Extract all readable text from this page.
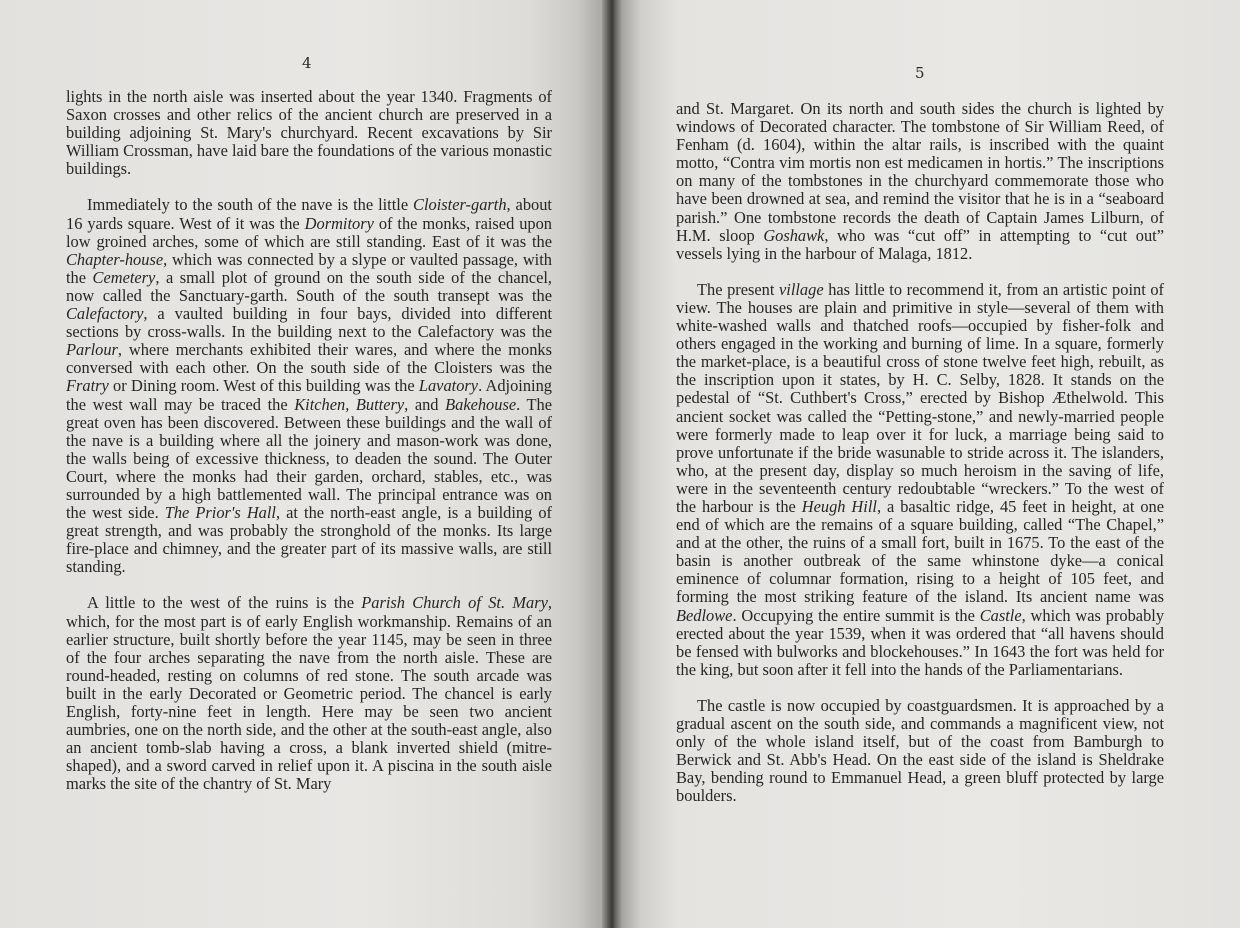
4

lights in the north aisle was inserted about the year 1340. Fragments of Saxon crosses and other relics of the ancient church are preserved in a building adjoining St. Mary's churchyard. Recent excavations by Sir William Crossman, have laid bare the foundations of the various monastic buildings.

Immediately to the south of the nave is the little Cloister-garth, about 16 yards square. West of it was the Dormitory of the monks, raised upon low groined arches, some of which are still standing. East of it was the Chapter-house, which was connected by a slype or vaulted passage, with the Cemetery, a small plot of ground on the south side of the chancel, now called the Sanctuary-garth. South of the south transept was the Calefactory, a vaulted building in four bays, divided into different sections by cross-walls. In the building next to the Calefactory was the Parlour, where merchants exhibited their wares, and where the monks conversed with each other. On the south side of the Cloisters was the Fratry or Dining room. West of this building was the Lavatory. Adjoining the west wall may be traced the Kitchen, Buttery, and Bakehouse. The great oven has been discovered. Between these buildings and the wall of the nave is a building where all the joinery and mason-work was done, the walls being of excessive thickness, to deaden the sound. The Outer Court, where the monks had their garden, orchard, stables, etc., was surrounded by a high battlemented wall. The principal entrance was on the west side. The Prior's Hall, at the north-east angle, is a building of great strength, and was probably the stronghold of the monks. Its large fire-place and chimney, and the greater part of its massive walls, are still standing.

A little to the west of the ruins is the Parish Church of St. Mary, which, for the most part is of early English workmanship. Remains of an earlier structure, built shortly before the year 1145, may be seen in three of the four arches separating the nave from the north aisle. These are round-headed, resting on columns of red stone. The south arcade was built in the early Decorated or Geometric period. The chancel is early English, forty-nine feet in length. Here may be seen two ancient aumbries, one on the north side, and the other at the south-east angle, also an ancient tomb-slab having a cross, a blank inverted shield (mitre-shaped), and a sword carved in relief upon it. A piscina in the south aisle marks the site of the chantry of St. Mary

5

and St. Margaret. On its north and south sides the church is lighted by windows of Decorated character. The tombstone of Sir William Reed, of Fenham (d. 1604), within the altar rails, is inscribed with the quaint motto, “Contra vim mortis non est medicamen in hortis.” The inscriptions on many of the tombstones in the churchyard commemorate those who have been drowned at sea, and remind the visitor that he is in a “seaboard parish.” One tombstone records the death of Captain James Lilburn, of H.M. sloop Goshawk, who was “cut off” in attempting to “cut out” vessels lying in the harbour of Malaga, 1812.

The present village has little to recommend it, from an artistic point of view. The houses are plain and primitive in style—several of them with white-washed walls and thatched roofs—occupied by fisher-folk and others engaged in the working and burning of lime. In a square, formerly the market-place, is a beautiful cross of stone twelve feet high, rebuilt, as the inscription upon it states, by H. C. Selby, 1828. It stands on the pedestal of “St. Cuthbert's Cross,” erected by Bishop Æthelwold. This ancient socket was called the “Petting-stone,” and newly-married people were formerly made to leap over it for luck, a marriage being said to prove unfortunate if the bride wasunable to stride across it. The islanders, who, at the present day, display so much heroism in the saving of life, were in the seventeenth century redoubtable “wreckers.” To the west of the harbour is the Heugh Hill, a basaltic ridge, 45 feet in height, at one end of which are the remains of a square building, called “The Chapel,” and at the other, the ruins of a small fort, built in 1675. To the east of the basin is another outbreak of the same whinstone dyke—a conical eminence of columnar formation, rising to a height of 105 feet, and forming the most striking feature of the island. Its ancient name was Bedlowe. Occupying the entire summit is the Castle, which was probably erected about the year 1539, when it was ordered that “all havens should be fensed with bulworks and blockehouses.” In 1643 the fort was held for the king, but soon after it fell into the hands of the Parliamentarians.

The castle is now occupied by coastguardsmen. It is approached by a gradual ascent on the south side, and commands a magnificent view, not only of the whole island itself, but of the coast from Bamburgh to Berwick and St. Abb's Head. On the east side of the island is Sheldrake Bay, bending round to Emmanuel Head, a green bluff protected by large boulders.
